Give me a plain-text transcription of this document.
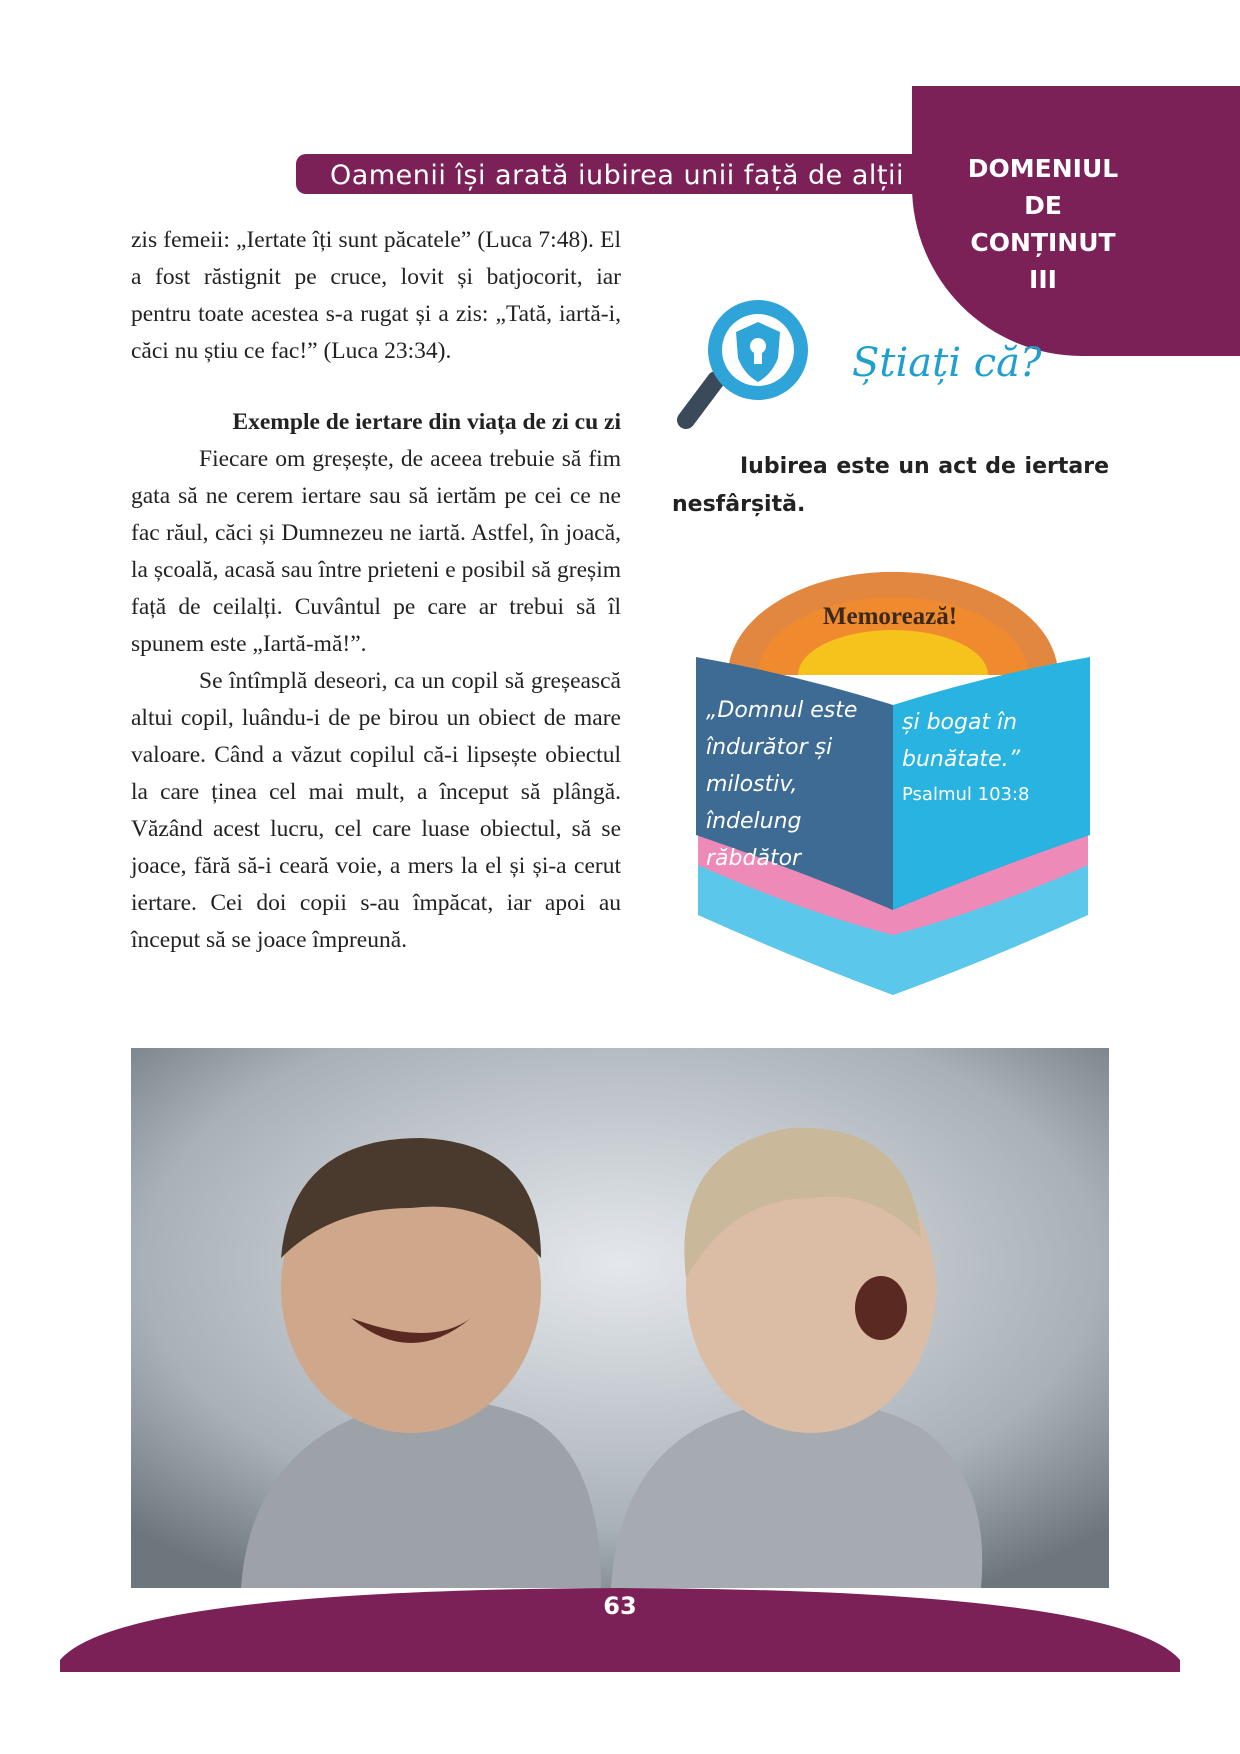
Oamenii își arată iubirea unii față de alții	DOMENIUL
DE
CONȚINUT
III

zis femeii: „Iertate îți sunt păcatele” (Luca 7:48). El a fost răstignit pe cruce, lovit și batjocorit, iar pentru toate acestea s-a rugat și a zis: „Tată, iartă-i, căci nu știu ce fac!” (Luca 23:34).

Exemple de iertare din viața de zi cu zi

Fiecare om greșește, de aceea trebuie să fim gata să ne cerem iertare sau să iertăm pe cei ce ne fac răul, căci și Dumnezeu ne iartă. Astfel, în joacă, la școală, acasă sau între prieteni e posibil să greșim față de ceilalți. Cuvântul pe care ar trebui să îl spunem este „Iartă-mă!”.

Se întîmplă deseori, ca un copil să greșească altui copil, luându-i de pe birou un obiect de mare valoare. Când a văzut copilul că-i lipsește obiectul la care ținea cel mai mult, a început să plângă. Văzând acest lucru, cel care luase obiectul, să se joace, fără să-i ceară voie, a mers la el și și-a cerut iertare. Cei doi copii s-au împăcat, iar apoi au început să se joace împreună.

Știați că?
Iubirea este un act de iertare nesfârșită.
Memorează!
„Domnul este îndurător și milostiv, îndelung răbdător
și bogat în bunătate.”
Psalmul 103:8
63
